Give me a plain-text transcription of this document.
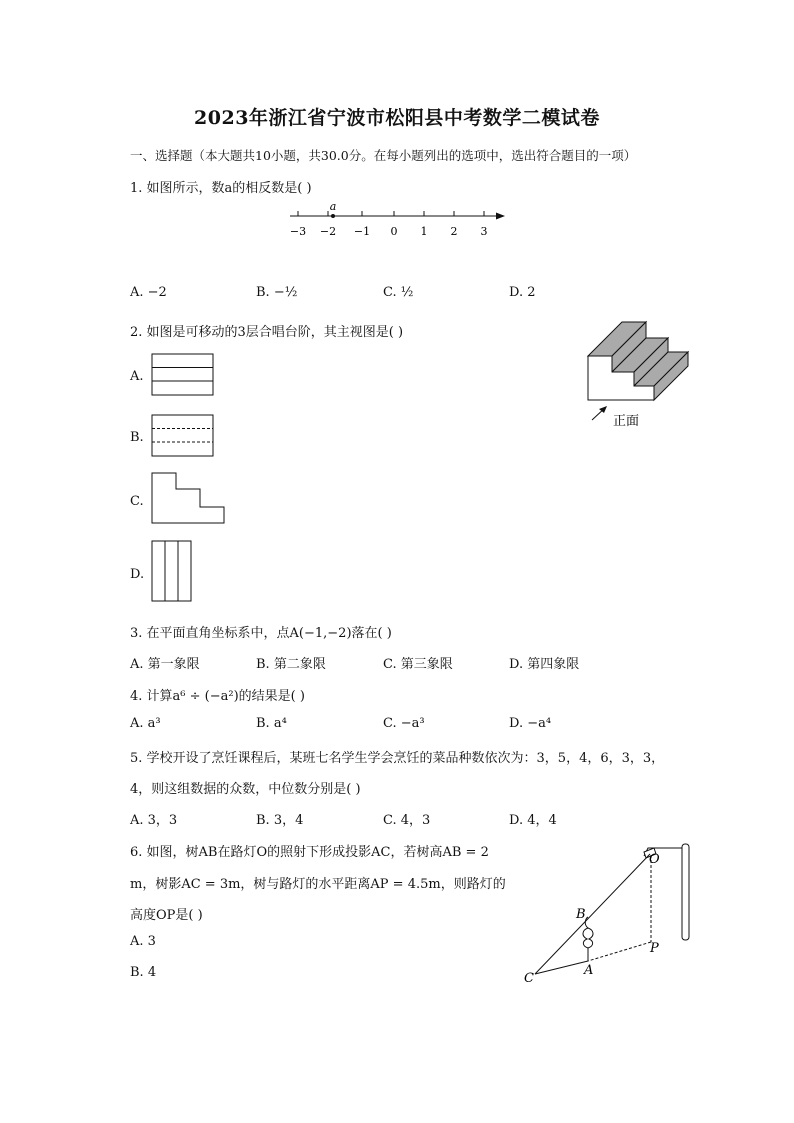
2023年浙江省宁波市松阳县中考数学二模试卷
一、选择题（本大题共10小题，共30.0分。在每小题列出的选项中，选出符合题目的一项）
1. 如图所示，数a的相反数是( )
a
−3 −2 −1 0 1 2 3
A. −2	B. −½	C. ½	D. 2
2. 如图是可移动的3层合唱台阶，其主视图是( )
正面
A.
B.
C.
D.
3. 在平面直角坐标系中，点A(−1,−2)落在( )
A. 第一象限	B. 第二象限	C. 第三象限	D. 第四象限
4. 计算a⁶ ÷ (−a²)的结果是( )
A. a³	B. a⁴	C. −a³	D. −a⁴
5. 学校开设了烹饪课程后，某班七名学生学会烹饪的菜品种数依次为：3，5，4，6，3，3，
4，则这组数据的众数，中位数分别是( )
A. 3，3	B. 3，4	C. 4，3	D. 4，4
6. 如图，树AB在路灯O的照射下形成投影AC，若树高AB = 2
m，树影AC = 3m，树与路灯的水平距离AP = 4.5m，则路灯的
高度OP是( )
A. 3
B. 4
O
B
P
C
A
